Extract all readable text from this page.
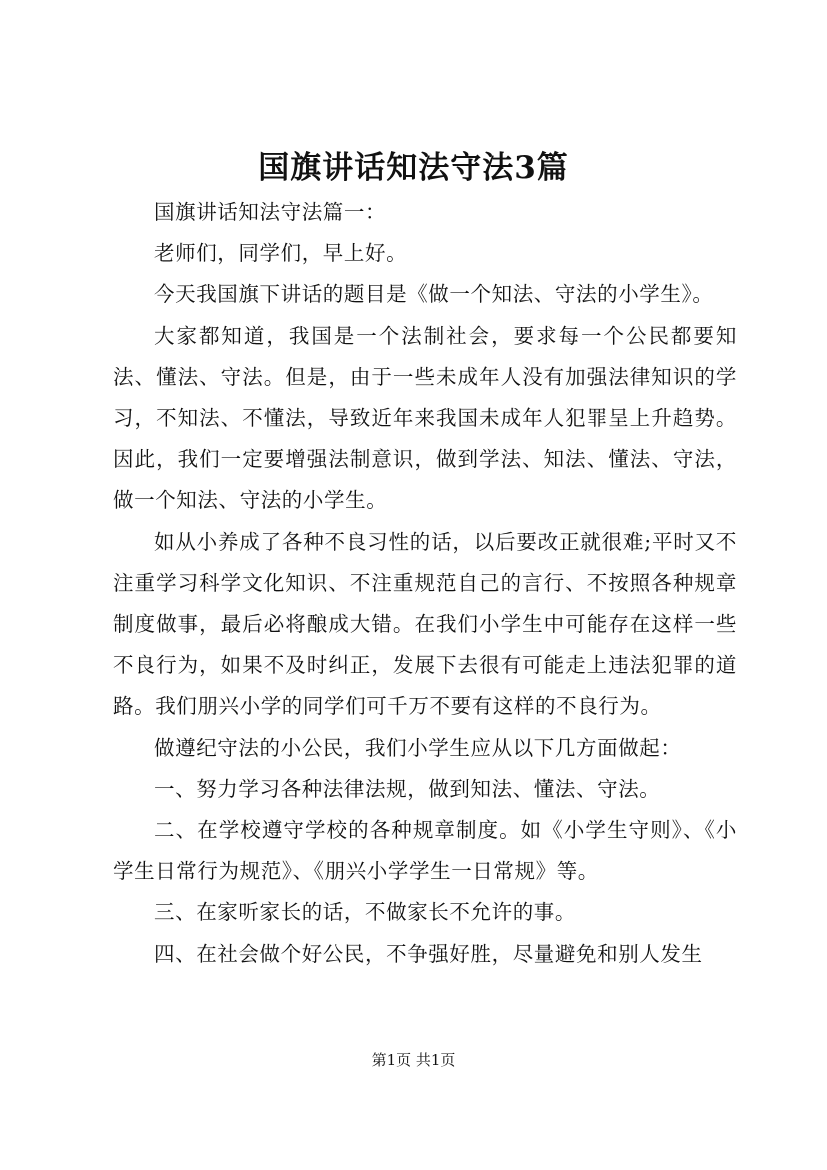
国旗讲话知法守法3篇

国旗讲话知法守法篇一：

老师们，同学们，早上好。

今天我国旗下讲话的题目是《做一个知法、守法的小学生》。

大家都知道，我国是一个法制社会，要求每一个公民都要知法、懂法、守法。但是，由于一些未成年人没有加强法律知识的学习，不知法、不懂法，导致近年来我国未成年人犯罪呈上升趋势。因此，我们一定要增强法制意识，做到学法、知法、懂法、守法，做一个知法、守法的小学生。

如从小养成了各种不良习性的话，以后要改正就很难;平时又不注重学习科学文化知识、不注重规范自己的言行、不按照各种规章制度做事，最后必将酿成大错。在我们小学生中可能存在这样一些不良行为，如果不及时纠正，发展下去很有可能走上违法犯罪的道路。我们朋兴小学的同学们可千万不要有这样的不良行为。

做遵纪守法的小公民，我们小学生应从以下几方面做起：

一、努力学习各种法律法规，做到知法、懂法、守法。

二、在学校遵守学校的各种规章制度。如《小学生守则》、《小学生日常行为规范》、《朋兴小学学生一日常规》等。

三、在家听家长的话，不做家长不允许的事。

四、在社会做个好公民，不争强好胜，尽量避免和别人发生

第1页 共1页
